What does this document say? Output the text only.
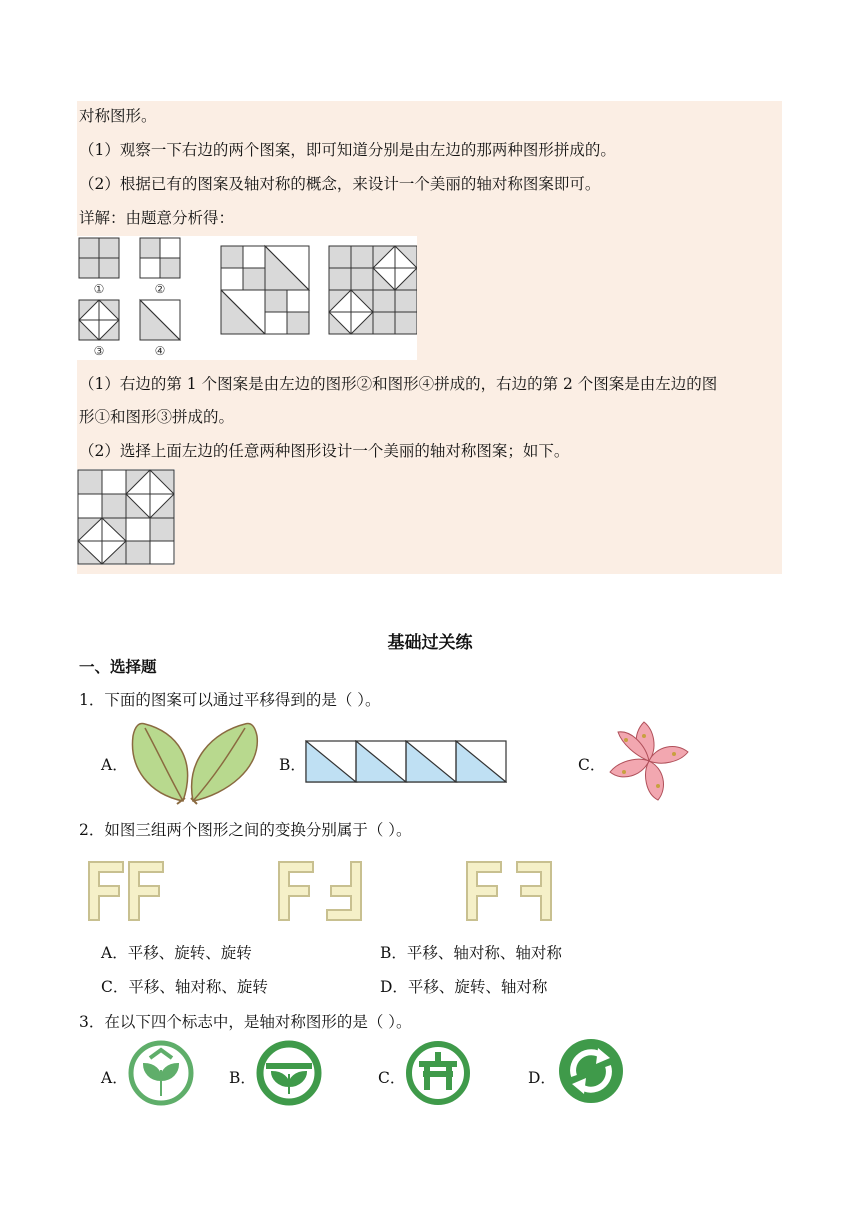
对称图形。
（1）观察一下右边的两个图案，即可知道分别是由左边的那两种图形拼成的。
（2）根据已有的图案及轴对称的概念，来设计一个美丽的轴对称图案即可。
详解：由题意分析得：
①	②
③	④
（1）右边的第 1 个图案是由左边的图形②和图形④拼成的，右边的第 2 个图案是由左边的图
形①和图形③拼成的。
（2）选择上面左边的任意两种图形设计一个美丽的轴对称图案；如下。
基础过关练
一、选择题
1．下面的图案可以通过平移得到的是（ ）。
A．	B．	C．
2．如图三组两个图形之间的变换分别属于（ ）。
A．平移、旋转、旋转	B．平移、轴对称、轴对称
C．平移、轴对称、旋转	D．平移、旋转、轴对称
3．在以下四个标志中，是轴对称图形的是（ ）。
A．	B．	C．	D．
